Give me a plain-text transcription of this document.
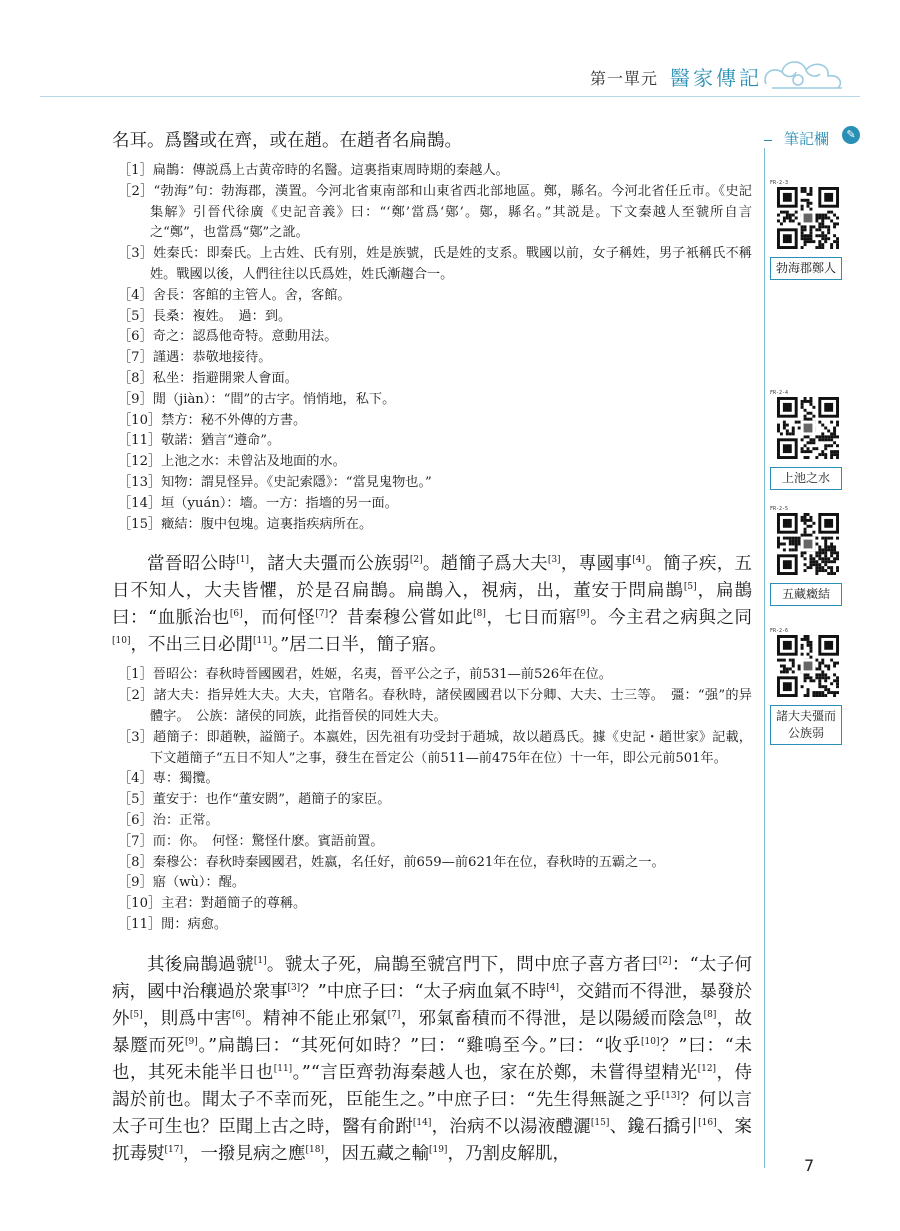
第一單元 醫家傳記

名耳。爲醫或在齊，或在趙。在趙者名扁鵲。

［1］扁鵲：傳説爲上古黄帝時的名醫。這裏指東周時期的秦越人。

［2］“勃海”句：勃海郡，漢置。今河北省東南部和山東省西北部地區。鄭，縣名。今河北省任丘市。《史記集解》引晉代徐廣《史記音義》曰：“‘鄭’當爲‘鄚’。鄚，縣名。”其説是。下文秦越人至虢所自言之“鄭”，也當爲“鄚”之訛。

［3］姓秦氏：即秦氏。上古姓、氏有别，姓是族號，氏是姓的支系。戰國以前，女子稱姓，男子衹稱氏不稱姓。戰國以後，人們往往以氏爲姓，姓氏漸趨合一。

［4］舍長：客館的主管人。舍，客館。

［5］長桑：複姓。　過：到。

［6］奇之：認爲他奇特。意動用法。

［7］謹遇：恭敬地接待。

［8］私坐：指避開衆人會面。

［9］閒（jiàn）：“間”的古字。悄悄地，私下。

［10］禁方：秘不外傳的方書。

［11］敬諾：猶言“遵命”。

［12］上池之水：未曾沾及地面的水。

［13］知物：謂見怪异。《史記索隱》：“當見鬼物也。”

［14］垣（yuán）：墻。一方：指墻的另一面。

［15］癥結：腹中包塊。這裏指疾病所在。

當晉昭公時[1]，諸大夫彊而公族弱[2]。趙簡子爲大夫[3]，專國事[4]。簡子疾，五日不知人，大夫皆懼，於是召扁鵲。扁鵲入，視病，出，董安于問扁鵲[5]，扁鵲曰：“血脈治也[6]，而何怪[7]？昔秦穆公嘗如此[8]，七日而寤[9]。今主君之病與之同[10]，不出三日必閒[11]。”居二日半，簡子寤。

［1］晉昭公：春秋時晉國國君，姓姬，名夷，晉平公之子，前531—前526年在位。

［2］諸大夫：指异姓大夫。大夫，官階名。春秋時，諸侯國國君以下分卿、大夫、士三等。　彊：“强”的异體字。　公族：諸侯的同族，此指晉侯的同姓大夫。

［3］趙簡子：即趙鞅，謚簡子。本嬴姓，因先祖有功受封于趙城，故以趙爲氏。據《史記・趙世家》記載，下文趙簡子“五日不知人”之事，發生在晉定公（前511—前475年在位）十一年，即公元前501年。

［4］專：獨攬。

［5］董安于：也作“董安閼”，趙簡子的家臣。

［6］治：正常。

［7］而：你。　何怪：驚怪什麽。賓語前置。

［8］秦穆公：春秋時秦國國君，姓嬴，名任好，前659—前621年在位，春秋時的五霸之一。

［9］寤（wù）：醒。

［10］主君：對趙簡子的尊稱。

［11］閒：病愈。

其後扁鵲過虢[1]。虢太子死，扁鵲至虢宫門下，問中庶子喜方者曰[2]：“太子何病，國中治穰過於衆事[3]？”中庶子曰：“太子病血氣不時[4]，交錯而不得泄，暴發於外[5]，則爲中害[6]。精神不能止邪氣[7]，邪氣畜積而不得泄，是以陽緩而陰急[8]，故暴蹷而死[9]。”扁鵲曰：“其死何如時？”曰：“雞鳴至今。”曰：“收乎[10]？”曰：“未也，其死未能半日也[11]。”“言臣齊勃海秦越人也，家在於鄭，未嘗得望精光[12]，侍謁於前也。聞太子不幸而死，臣能生之。”中庶子曰：“先生得無誕之乎[13]？何以言太子可生也？臣聞上古之時，醫有俞跗[14]，治病不以湯液醴灑[15]、鑱石撟引[16]、案扤毒熨[17]，一撥見病之應[18]，因五藏之輸[19]，乃割皮解肌，

筆記欄	✎
FR-2-3
勃海郡鄭人
FR-2-4
上池之水
FR-2-5
五藏癥結
FR-2-6
諸大夫彊而公族弱
7
